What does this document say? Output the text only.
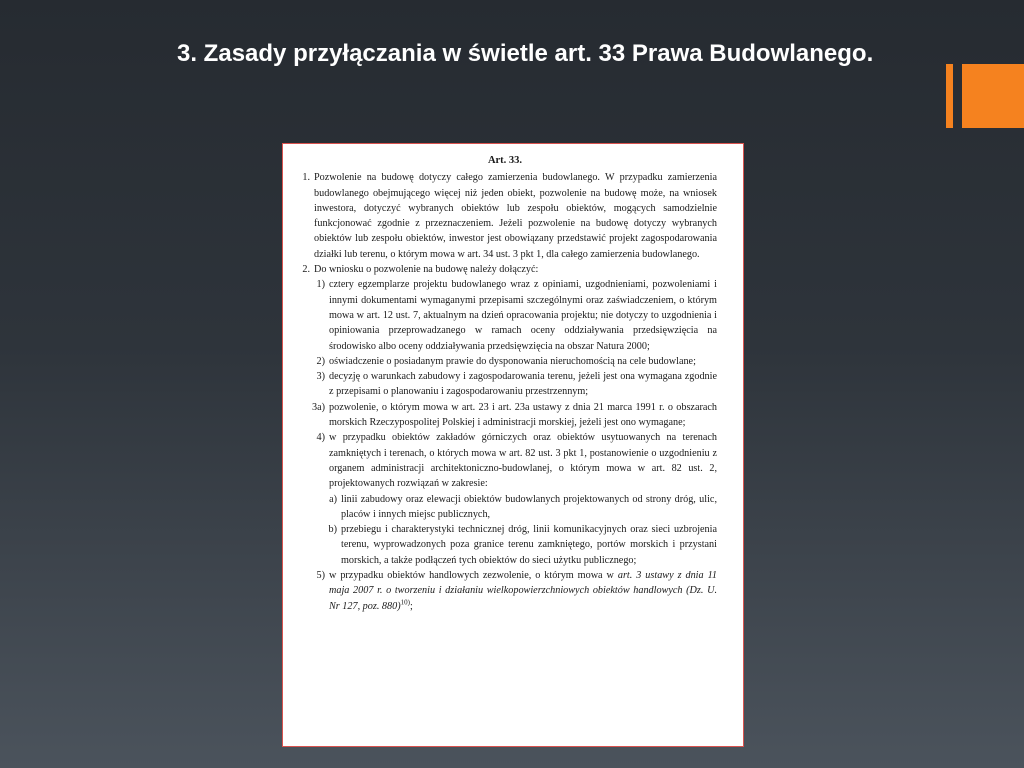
3. Zasady przyłączania w świetle art. 33 Prawa Budowlanego.
Art. 33.
1. Pozwolenie na budowę dotyczy całego zamierzenia budowlanego. W przypadku zamierzenia budowlanego obejmującego więcej niż jeden obiekt, pozwolenie na budowę może, na wniosek inwestora, dotyczyć wybranych obiektów lub zespołu obiektów, mogących samodzielnie funkcjonować zgodnie z przeznaczeniem. Jeżeli pozwolenie na budowę dotyczy wybranych obiektów lub zespołu obiektów, inwestor jest obowiązany przedstawić projekt zagospodarowania działki lub terenu, o którym mowa w art. 34 ust. 3 pkt 1, dla całego zamierzenia budowlanego.
2. Do wniosku o pozwolenie na budowę należy dołączyć:
1) cztery egzemplarze projektu budowlanego wraz z opiniami, uzgodnieniami, pozwoleniami i innymi dokumentami wymaganymi przepisami szczególnymi oraz zaświadczeniem, o którym mowa w art. 12 ust. 7, aktualnym na dzień opracowania projektu; nie dotyczy to uzgodnienia i opiniowania przeprowadzanego w ramach oceny oddziaływania przedsięwzięcia na środowisko albo oceny oddziaływania przedsięwzięcia na obszar Natura 2000;
2) oświadczenie o posiadanym prawie do dysponowania nieruchomością na cele budowlane;
3) decyzję o warunkach zabudowy i zagospodarowania terenu, jeżeli jest ona wymagana zgodnie z przepisami o planowaniu i zagospodarowaniu przestrzennym;
3a) pozwolenie, o którym mowa w art. 23 i art. 23a ustawy z dnia 21 marca 1991 r. o obszarach morskich Rzeczypospolitej Polskiej i administracji morskiej, jeżeli jest ono wymagane;
4) w przypadku obiektów zakładów górniczych oraz obiektów usytuowanych na terenach zamkniętych i terenach, o których mowa w art. 82 ust. 3 pkt 1, postanowienie o uzgodnieniu z organem administracji architektoniczno-budowlanej, o którym mowa w art. 82 ust. 2, projektowanych rozwiązań w zakresie:
a) linii zabudowy oraz elewacji obiektów budowlanych projektowanych od strony dróg, ulic, placów i innych miejsc publicznych,
b) przebiegu i charakterystyki technicznej dróg, linii komunikacyjnych oraz sieci uzbrojenia terenu, wyprowadzonych poza granice terenu zamkniętego, portów morskich i przystani morskich, a także podłączeń tych obiektów do sieci użytku publicznego;
5) w przypadku obiektów handlowych zezwolenie, o którym mowa w art. 3 ustawy z dnia 11 maja 2007 r. o tworzeniu i działaniu wielkopowierzchniowych obiektów handlowych (Dz. U. Nr 127, poz. 880)$^{10)}$;
